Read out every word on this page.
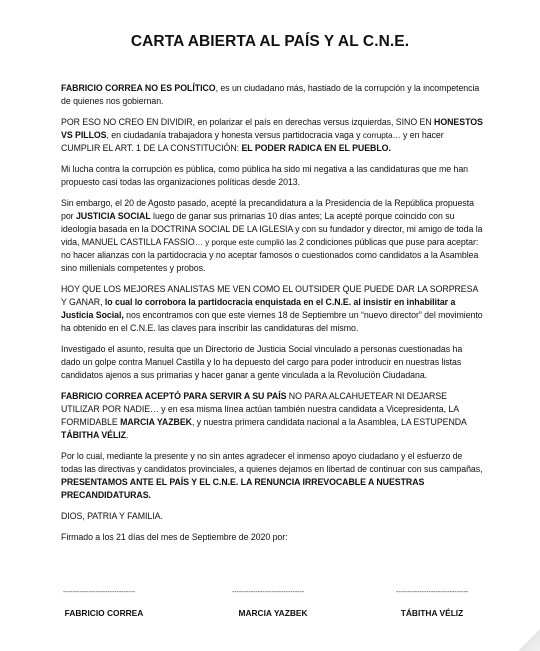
CARTA ABIERTA AL PAÍS Y AL C.N.E.

FABRICIO CORREA NO ES POLÍTICO, es un ciudadano más, hastiado de la corrupción y la incompetencia de quienes nos gobiernan.

POR ESO NO CREO EN DIVIDIR, en polarizar el país en derechas versus izquierdas, SINO EN HONESTOS VS PILLOS, en ciudadanía trabajadora y honesta versus partidocracia vaga y corrupta… y en hacer CUMPLIR EL ART. 1 DE LA CONSTITUCIÓN: EL PODER RADICA EN EL PUEBLO.

Mi lucha contra la corrupción es pública, como pública ha sido mi negativa a las candidaturas que me han propuesto casi todas las organizaciones políticas desde 2013.

Sin embargo, el 20 de Agosto pasado, acepté la precandidatura a la Presidencia de la República propuesta por JUSTICIA SOCIAL luego de ganar sus primarias 10 días antes; La acepté porque coincido con su ideología basada en la DOCTRINA SOCIAL DE LA IGLESIA y con su fundador y director, mi amigo de toda la vida, MANUEL CASTILLA FASSIO… y porque este cumplió las 2 condiciones públicas que puse para aceptar: no hacer alianzas con la partidocracia y no aceptar famosos o cuestionados como candidatos a la Asamblea sino millenials competentes y probos.

HOY QUE LOS MEJORES ANALISTAS ME VEN COMO EL OUTSIDER QUE PUEDE DAR LA SORPRESA Y GANAR, lo cual lo corrobora la partidocracia enquistada en el C.N.E. al insistir en inhabilitar a Justicia Social, nos encontramos con que este viernes 18 de Septiembre un “nuevo director” del movimiento ha obtenido en el C.N.E. las claves para inscribir las candidaturas del mismo.

Investigado el asunto, resulta que un Directorio de Justicia Social vinculado a personas cuestionadas ha dado un golpe contra Manuel Castilla y lo ha depuesto del cargo para poder introducir en nuestras listas candidatos ajenos a sus primarias y hacer ganar a gente vinculada a la Revolución Ciudadana.

FABRICIO CORREA ACEPTÓ PARA SERVIR A SU PAÍS NO PARA ALCAHUETEAR NI DEJARSE UTILIZAR POR NADIE… y en esa misma línea actúan también nuestra candidata a Vicepresidenta, LA FORMIDABLE MARCIA YAZBEK, y nuestra primera candidata nacional a la Asamblea, LA ESTUPENDA TÁBITHA VÉLIZ.

Por lo cual, mediante la presente y no sin antes agradecer el inmenso apoyo ciudadano y el esfuerzo de todas las directivas y candidatos provinciales, a quienes dejamos en libertad de continuar con sus campañas, PRESENTAMOS ANTE EL PAÍS Y EL C.N.E. LA RENUNCIA IRREVOCABLE A NUESTRAS PRECANDIDATURAS.

DIOS, PATRIA Y FAMILIA.

Firmado a los 21 días del mes de Septiembre de 2020 por:

-------------------------------	-------------------------------	-------------------------------
FABRICIO CORREA	MARCIA YAZBEK	TÁBITHA VÉLIZ
